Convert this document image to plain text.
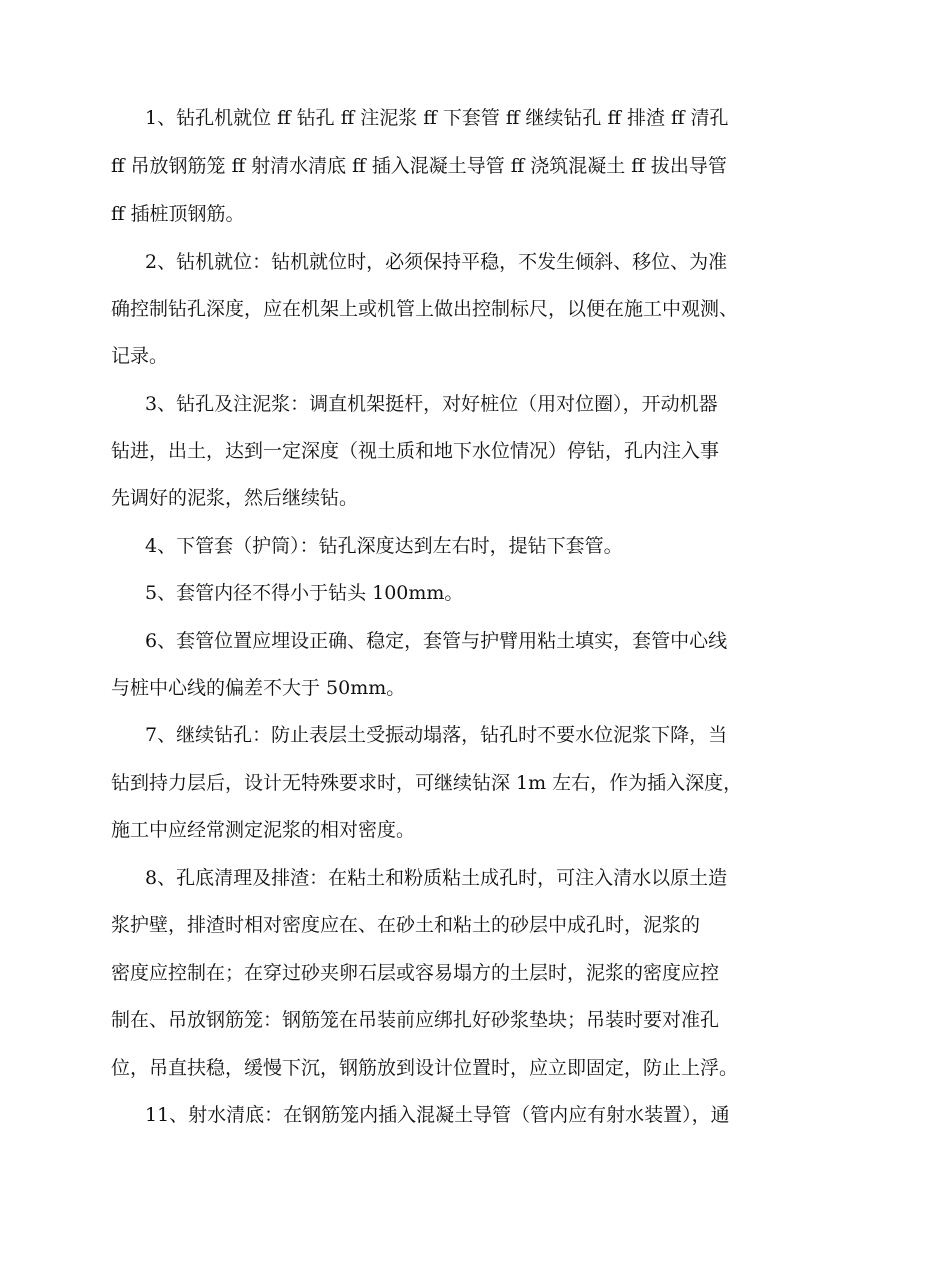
1、钻孔机就位 ff 钻孔 ff 注泥浆 ff 下套管 ff 继续钻孔 ff 排渣 ff 清孔
ff 吊放钢筋笼 ff 射清水清底 ff 插入混凝土导管 ff 浇筑混凝土 ff 拔出导管
ff 插桩顶钢筋。
2、钻机就位：钻机就位时，必须保持平稳，不发生倾斜、移位、为准
确控制钻孔深度，应在机架上或机管上做出控制标尺，以便在施工中观测、
记录。
3、钻孔及注泥浆：调直机架挺杆，对好桩位（用对位圈），开动机器
钻进，出土，达到一定深度（视土质和地下水位情况）停钻，孔内注入事
先调好的泥浆，然后继续钻。
4、下管套（护筒）：钻孔深度达到左右时，提钻下套管。
5、套管内径不得小于钻头 100mm。
6、套管位置应埋设正确、稳定，套管与护臂用粘土填实，套管中心线
与桩中心线的偏差不大于 50mm。
7、继续钻孔：防止表层土受振动塌落，钻孔时不要水位泥浆下降，当
钻到持力层后，设计无特殊要求时，可继续钻深 1m 左右，作为插入深度，
施工中应经常测定泥浆的相对密度。
8、孔底清理及排渣：在粘土和粉质粘土成孔时，可注入清水以原土造
浆护壁，排渣时相对密度应在、在砂土和粘土的砂层中成孔时，泥浆的
密度应控制在；在穿过砂夹卵石层或容易塌方的土层时，泥浆的密度应控
制在、吊放钢筋笼：钢筋笼在吊装前应绑扎好砂浆垫块；吊装时要对准孔
位，吊直扶稳，缓慢下沉，钢筋放到设计位置时，应立即固定，防止上浮。
11、射水清底：在钢筋笼内插入混凝土导管（管内应有射水装置），通
